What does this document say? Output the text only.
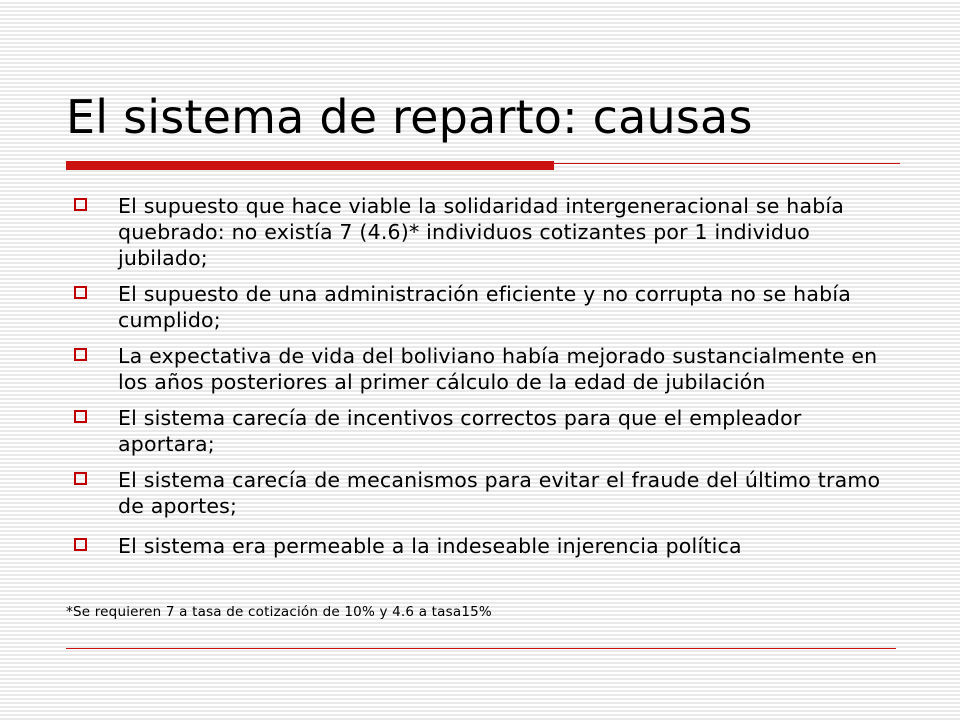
El sistema de reparto: causas
El supuesto que hace viable la solidaridad intergeneracional se había quebrado: no existía 7 (4.6)* individuos cotizantes por 1 individuo jubilado;
El supuesto de una administración eficiente y no corrupta no se había cumplido;
La expectativa de vida del boliviano había mejorado sustancialmente en los años posteriores al primer cálculo de la edad de jubilación
El sistema carecía de incentivos correctos para que el empleador aportara;
El sistema carecía de mecanismos para evitar el fraude del último tramo de aportes;
El sistema era permeable a la indeseable injerencia política
*Se requieren 7 a tasa de cotización de 10% y 4.6 a tasa15%
